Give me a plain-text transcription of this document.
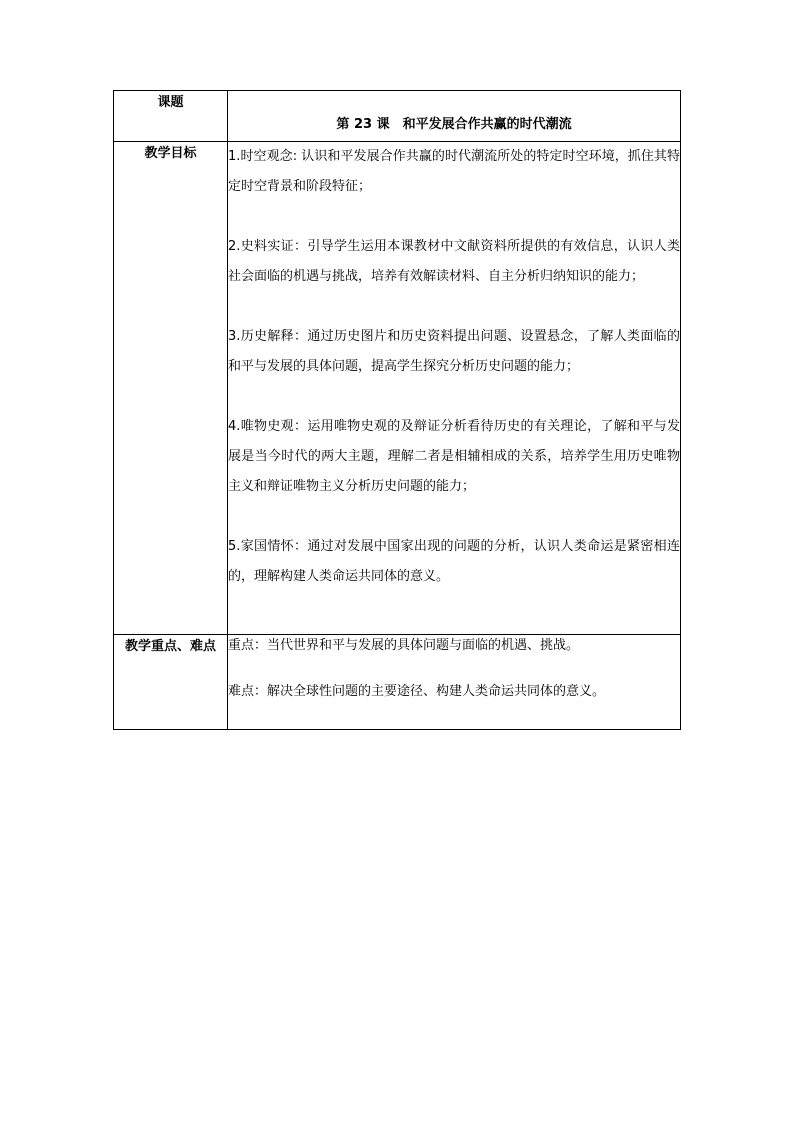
课题	第 23 课　和平发展合作共赢的时代潮流

教学目标	1.时空观念: 认识和平发展合作共赢的时代潮流所处的特定时空环境，抓住其特定时空背景和阶段特征；

2.史料实证：引导学生运用本课教材中文献资料所提供的有效信息，认识人类社会面临的机遇与挑战，培养有效解读材料、自主分析归纳知识的能力；

3.历史解释：通过历史图片和历史资料提出问题、设置悬念，了解人类面临的和平与发展的具体问题，提高学生探究分析历史问题的能力；

4.唯物史观：运用唯物史观的及辩证分析看待历史的有关理论，了解和平与发展是当今时代的两大主题，理解二者是相辅相成的关系，培养学生用历史唯物主义和辩证唯物主义分析历史问题的能力；

5.家国情怀：通过对发展中国家出现的问题的分析，认识人类命运是紧密相连的，理解构建人类命运共同体的意义。

教学重点、难点	重点：当代世界和平与发展的具体问题与面临的机遇、挑战。
难点：解决全球性问题的主要途径、构建人类命运共同体的意义。
